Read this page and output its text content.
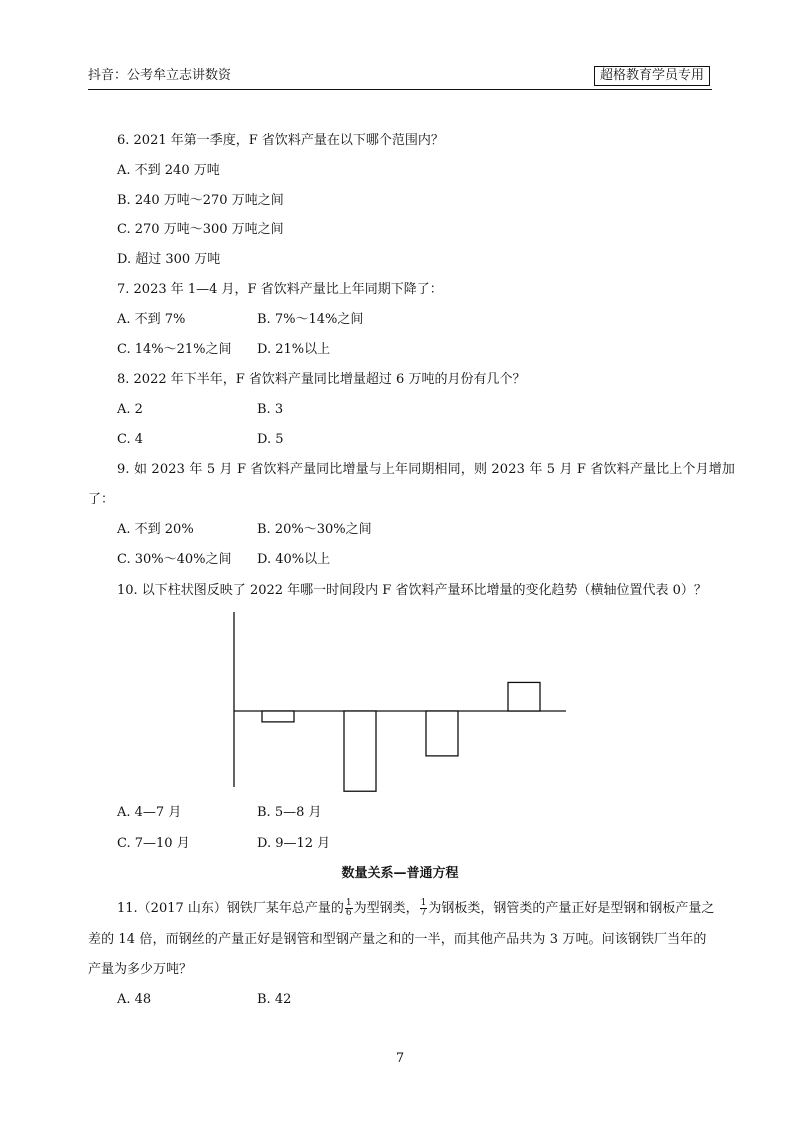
抖音：公考牟立志讲数资	超格教育学员专用
6. 2021 年第一季度，F 省饮料产量在以下哪个范围内？
A. 不到 240 万吨
B. 240 万吨～270 万吨之间
C. 270 万吨～300 万吨之间
D. 超过 300 万吨
7. 2023 年 1—4 月，F 省饮料产量比上年同期下降了：
A. 不到 7%	B. 7%～14%之间
C. 14%～21%之间 D. 21%以上
8. 2022 年下半年，F 省饮料产量同比增量超过 6 万吨的月份有几个？
A. 2	B. 3
C. 4	D. 5
9. 如 2023 年 5 月 F 省饮料产量同比增量与上年同期相同，则 2023 年 5 月 F 省饮料产量比上个月增加
了：
A. 不到 20%	B. 20%～30%之间
C. 30%～40%之间 D. 40%以上
10. 以下柱状图反映了 2022 年哪一时间段内 F 省饮料产量环比增量的变化趋势（横轴位置代表 0）？
A. 4—7 月	B. 5—8 月
C. 7—10 月	D. 9—12 月
数量关系—普通方程
11.（2017 山东）钢铁厂某年总产量的 $\frac{1}{6}$ 为型钢类， $\frac{1}{7}$ 为钢板类，钢管类的产量正好是型钢和钢板产量之
差的 14 倍，而钢丝的产量正好是钢管和型钢产量之和的一半，而其他产品共为 3 万吨。问该钢铁厂当年的
产量为多少万吨？
A. 48	B. 42
7
